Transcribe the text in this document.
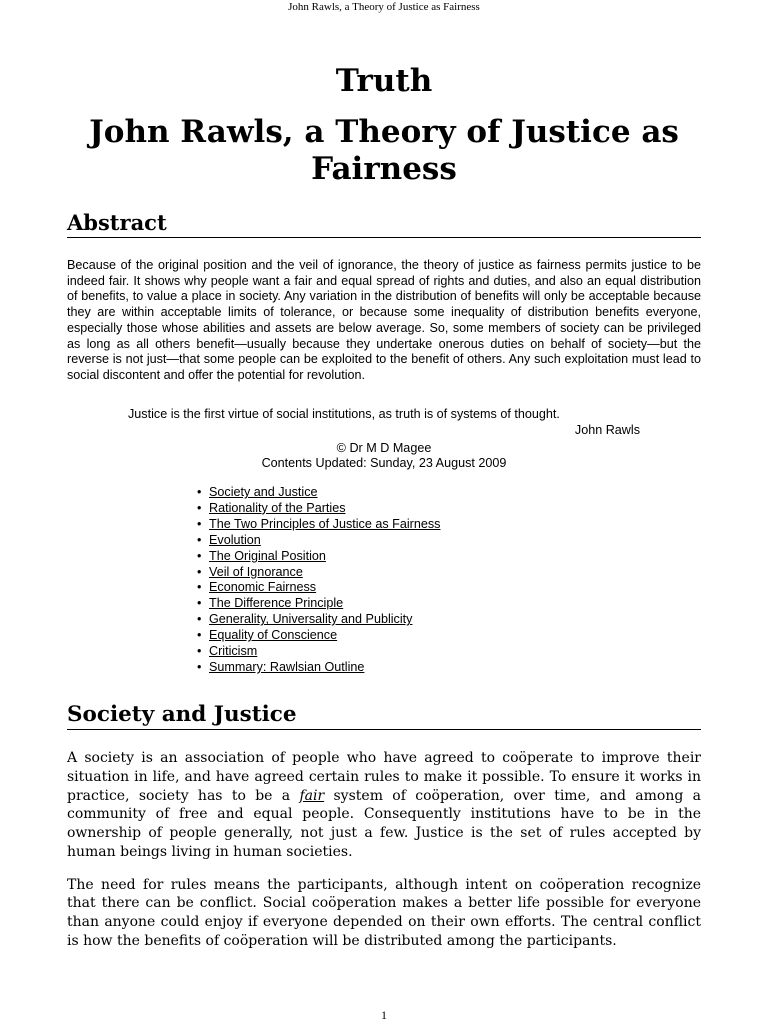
John Rawls, a Theory of Justice as Fairness
Truth
John Rawls, a Theory of Justice as Fairness
Abstract

Because of the original position and the veil of ignorance, the theory of justice as fairness permits justice to be indeed fair. It shows why people want a fair and equal spread of rights and duties, and also an equal distribution of benefits, to value a place in society. Any variation in the distribution of benefits will only be acceptable because they are within acceptable limits of tolerance, or because some inequality of distribution benefits everyone, especially those whose abilities and assets are below average. So, some members of society can be privileged as long as all others benefit—usually because they undertake onerous duties on behalf of society—but the reverse is not just—that some people can be exploited to the benefit of others. Any such exploitation must lead to social discontent and offer the potential for revolution.

Justice is the first virtue of social institutions, as truth is of systems of thought.
John Rawls
© Dr M D Magee
Contents Updated: Sunday, 23 August 2009
• Society and Justice
• Rationality of the Parties
• The Two Principles of Justice as Fairness
• Evolution
• The Original Position
• Veil of Ignorance
• Economic Fairness
• The Difference Principle
• Generality, Universality and Publicity
• Equality of Conscience
• Criticism
• Summary: Rawlsian Outline
Society and Justice

A society is an association of people who have agreed to coöperate to improve their situation in life, and have agreed certain rules to make it possible. To ensure it works in practice, society has to be a fair system of coöperation, over time, and among a community of free and equal people. Consequently institutions have to be in the ownership of people generally, not just a few. Justice is the set of rules accepted by human beings living in human societies.

The need for rules means the participants, although intent on coöperation recognize that there can be conflict. Social coöperation makes a better life possible for everyone than anyone could enjoy if everyone depended on their own efforts. The central conflict is how the benefits of coöperation will be distributed among the participants.

1
